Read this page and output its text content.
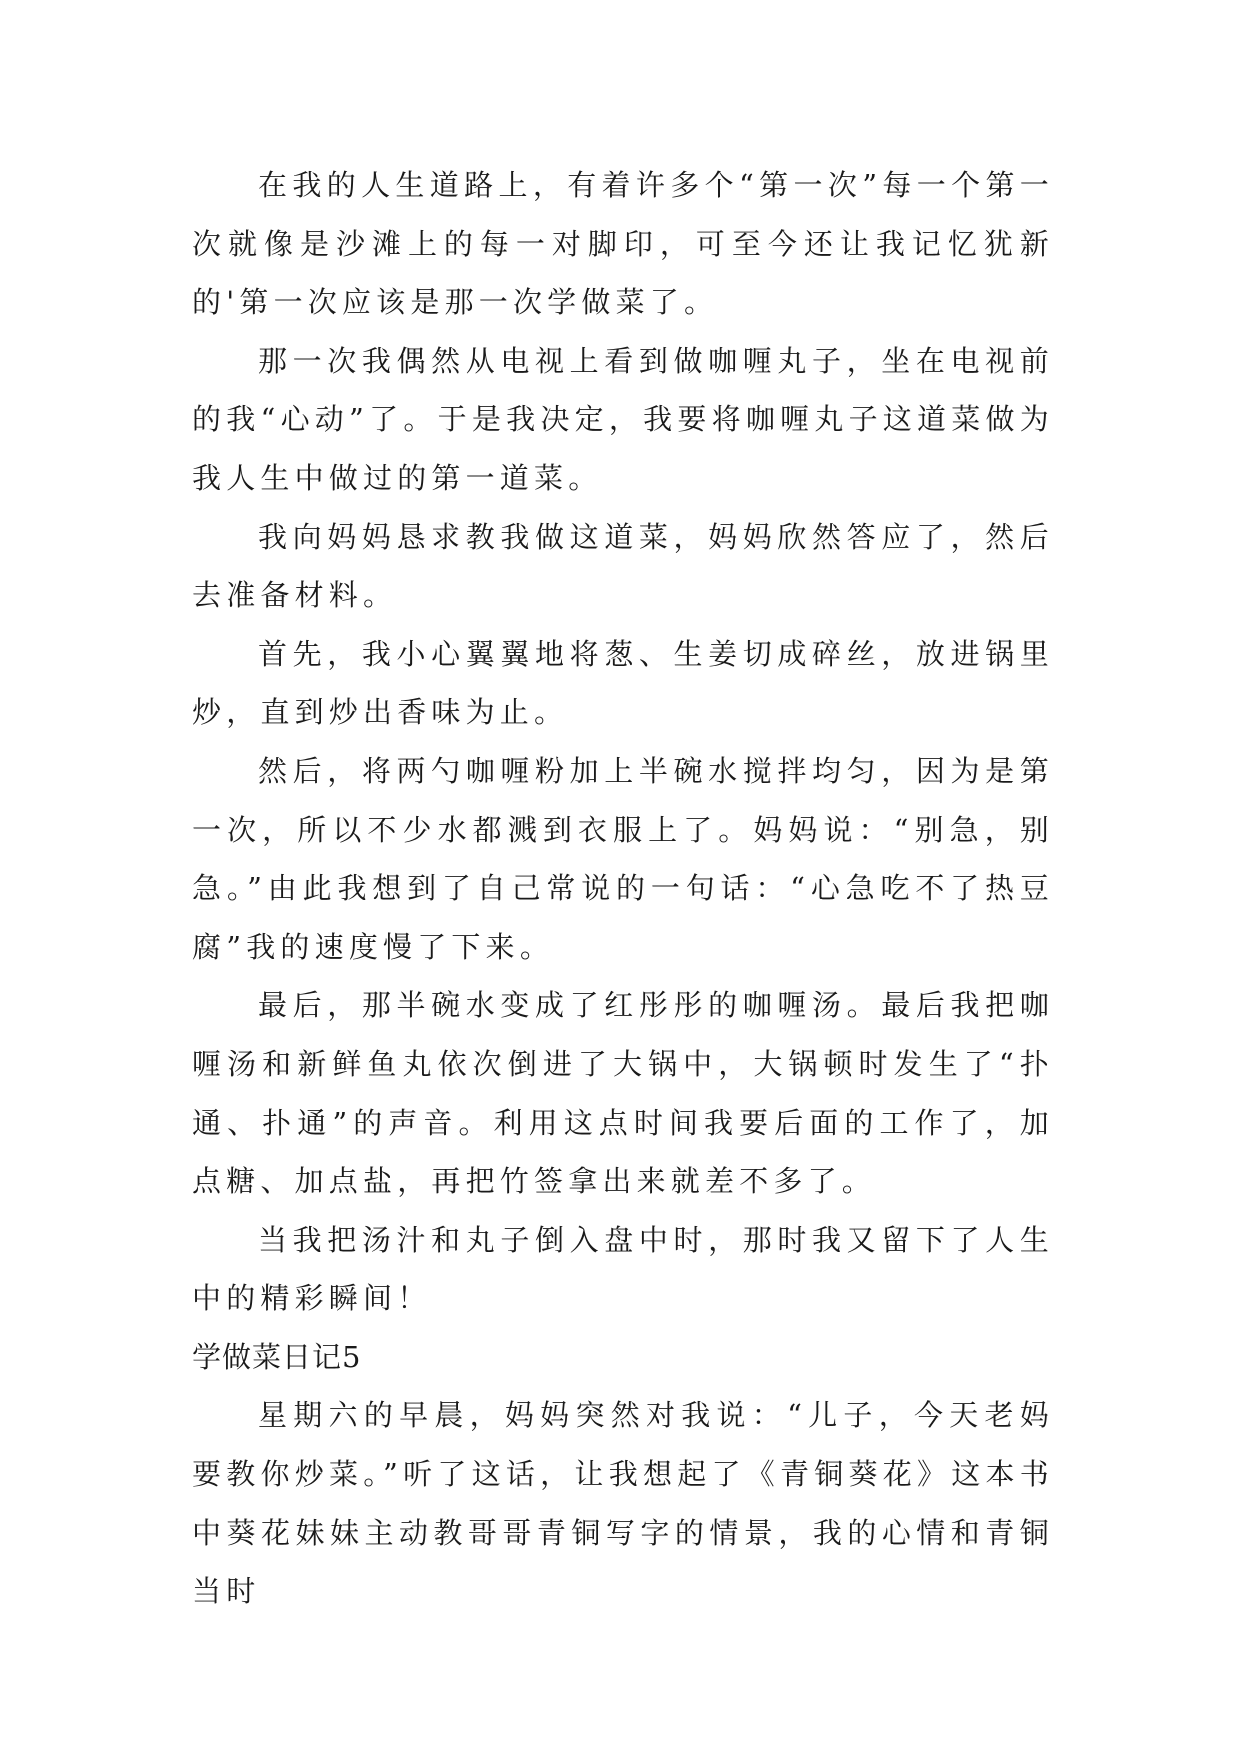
在我的人生道路上，有着许多个“第一次”每一个第一次就像是沙滩上的每一对脚印，可至今还让我记忆犹新的'第一次应该是那一次学做菜了。

那一次我偶然从电视上看到做咖喱丸子，坐在电视前的我“心动”了。于是我决定，我要将咖喱丸子这道菜做为我人生中做过的第一道菜。

我向妈妈恳求教我做这道菜，妈妈欣然答应了，然后去准备材料。

首先，我小心翼翼地将葱、生姜切成碎丝，放进锅里炒，直到炒出香味为止。

然后，将两勺咖喱粉加上半碗水搅拌均匀，因为是第一次，所以不少水都溅到衣服上了。妈妈说：“别急，别急。”由此我想到了自己常说的一句话：“心急吃不了热豆腐”我的速度慢了下来。

最后，那半碗水变成了红彤彤的咖喱汤。最后我把咖喱汤和新鲜鱼丸依次倒进了大锅中，大锅顿时发生了“扑通、扑通”的声音。利用这点时间我要后面的工作了，加点糖、加点盐，再把竹签拿出来就差不多了。

当我把汤汁和丸子倒入盘中时，那时我又留下了人生中的精彩瞬间！

学做菜日记5

星期六的早晨，妈妈突然对我说：“儿子，今天老妈要教你炒菜。”听了这话，让我想起了《青铜葵花》这本书中葵花妹妹主动教哥哥青铜写字的情景，我的心情和青铜当时
